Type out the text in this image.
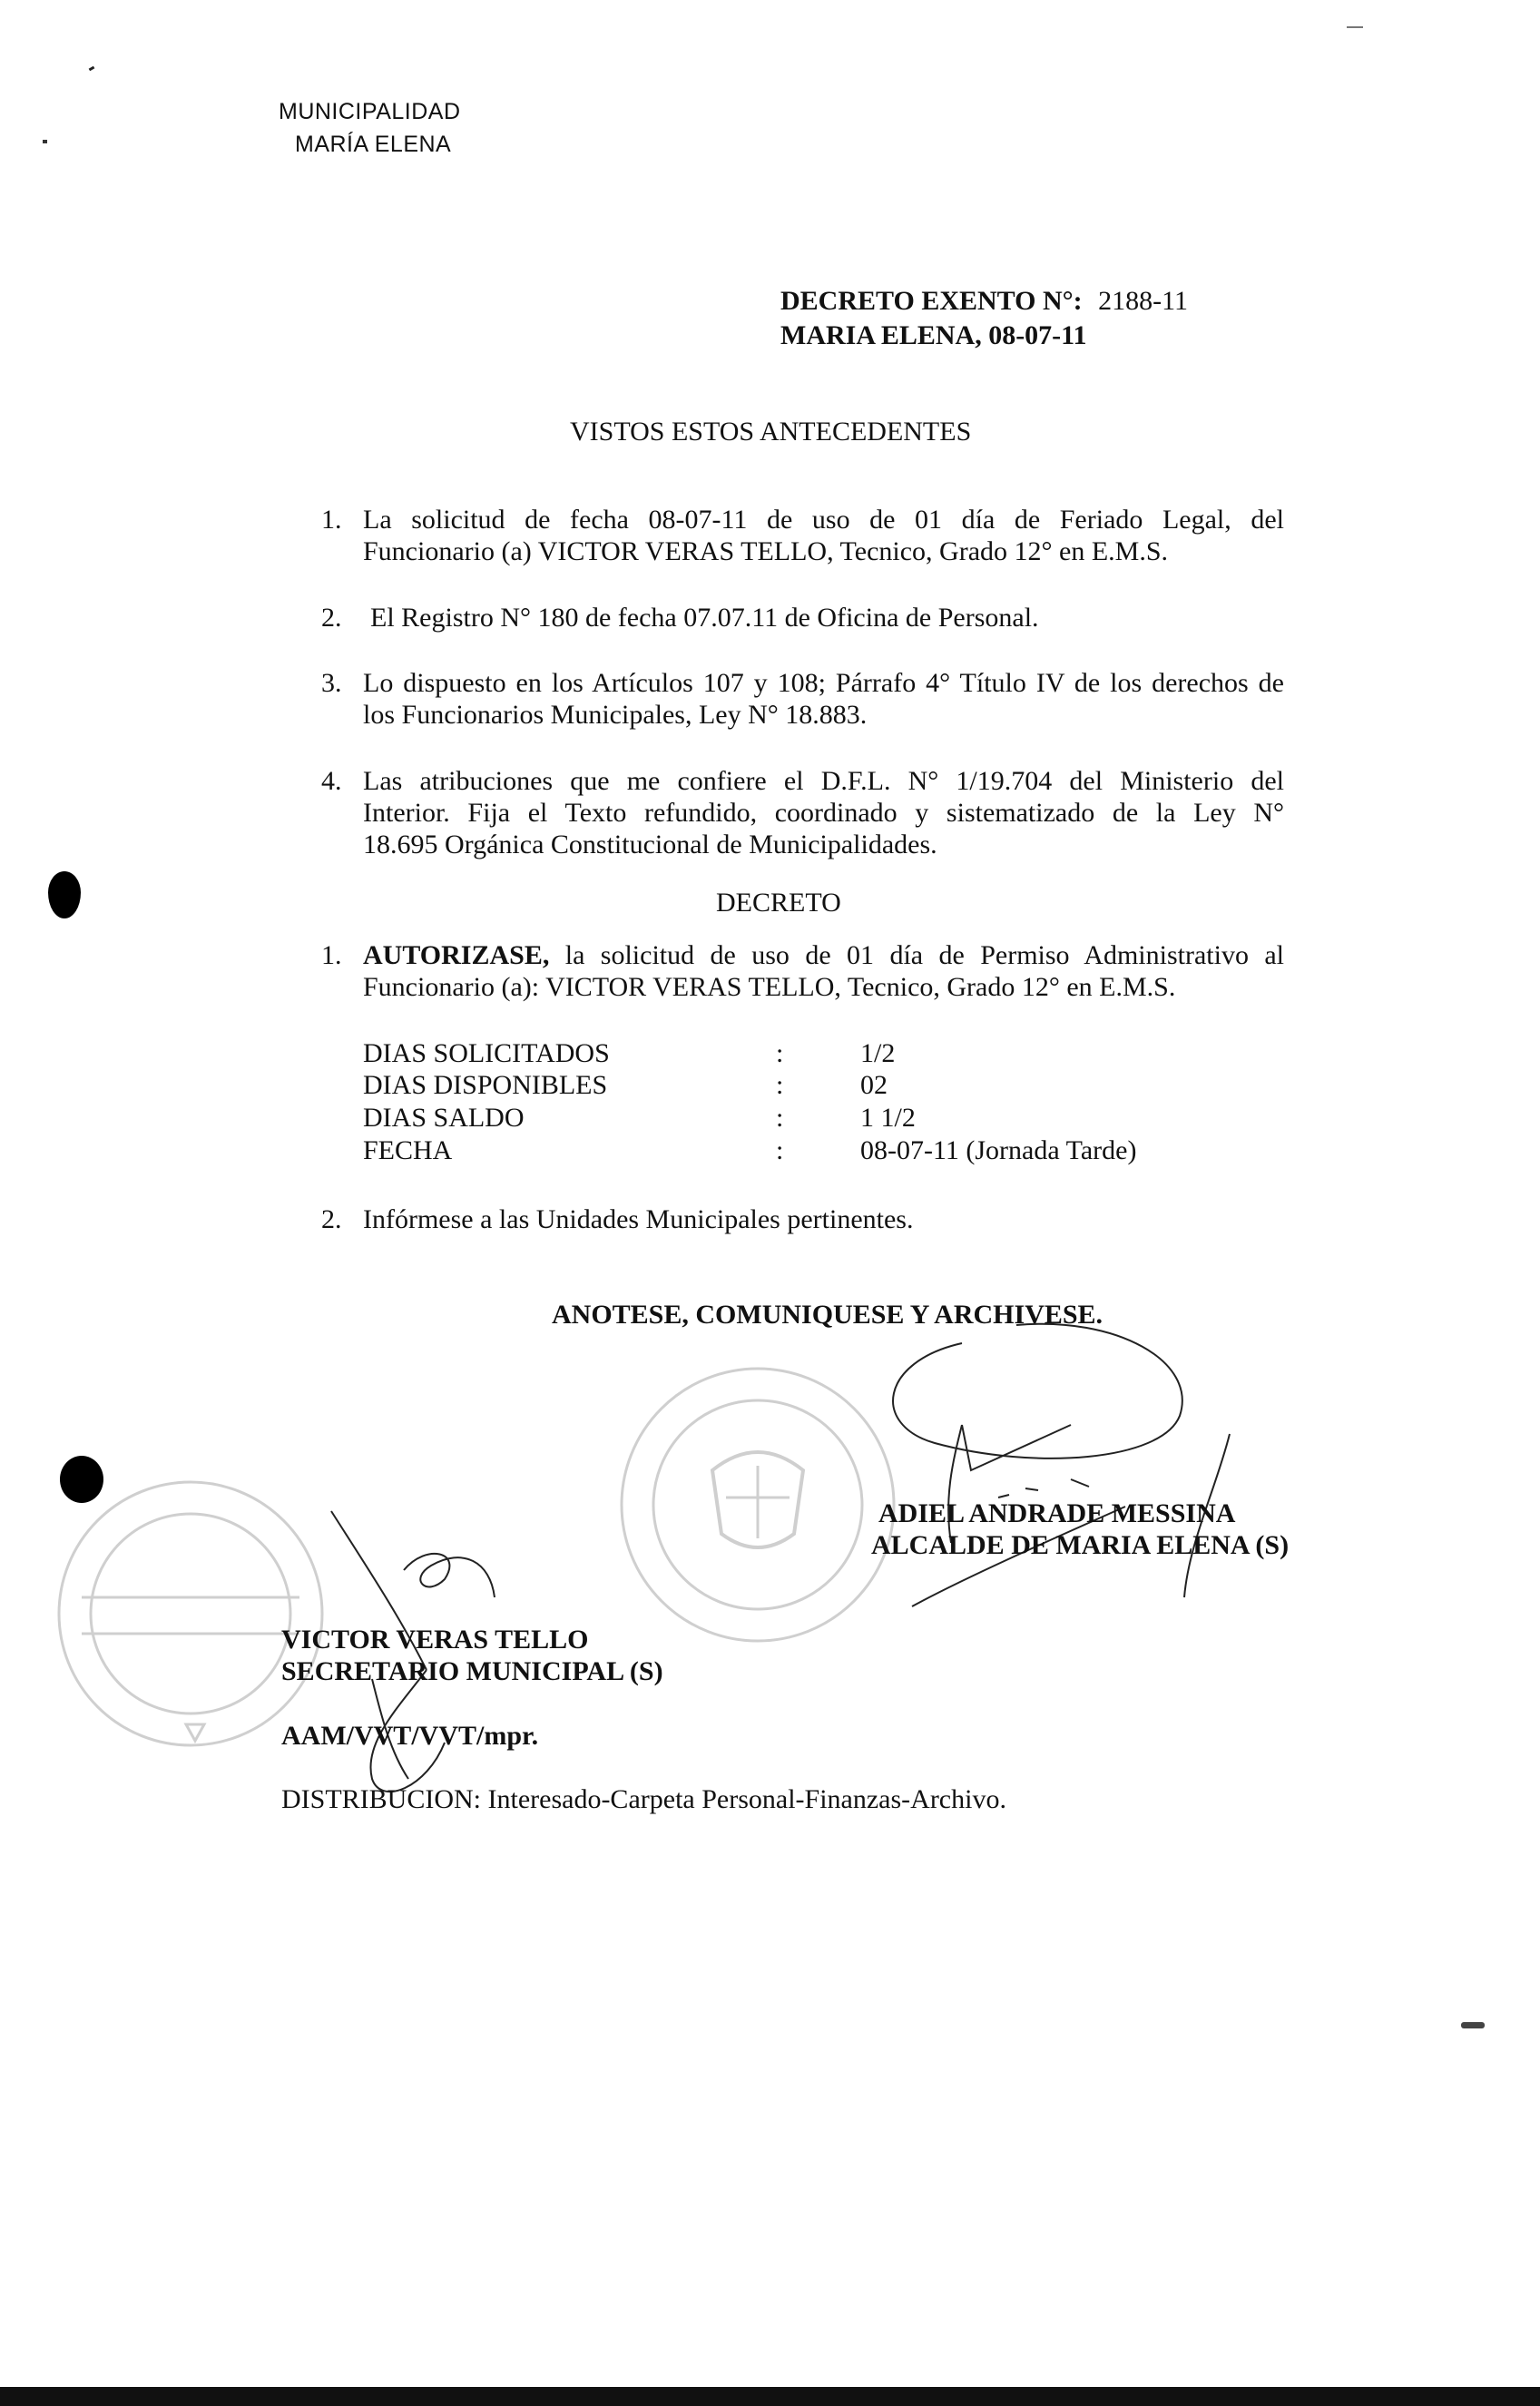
MUNICIPALIDAD
MARÍA ELENA
DECRETO EXENTO N°: 2188-11
MARIA ELENA, 08-07-11
VISTOS ESTOS ANTECEDENTES
1. La solicitud de fecha 08-07-11 de uso de 01 día de Feriado Legal, del
Funcionario (a) VICTOR VERAS TELLO, Tecnico, Grado 12° en E.M.S.
2. El Registro N° 180 de fecha 07.07.11 de Oficina de Personal.
3. Lo dispuesto en los Artículos 107 y 108; Párrafo 4° Título IV de los derechos de
los Funcionarios Municipales, Ley N° 18.883.
4. Las atribuciones que me confiere el D.F.L. N° 1/19.704 del Ministerio del
Interior. Fija el Texto refundido, coordinado y sistematizado de la Ley N°
18.695 Orgánica Constitucional de Municipalidades.
DECRETO
1. AUTORIZASE, la solicitud de uso de 01 día de Permiso Administrativo al
Funcionario (a): VICTOR VERAS TELLO, Tecnico, Grado 12° en E.M.S.
DIAS SOLICITADOS	:	1/2
DIAS DISPONIBLES	:	02
DIAS SALDO	:	1 1/2
FECHA	:	08-07-11 (Jornada Tarde)
2. Infórmese a las Unidades Municipales pertinentes.
ANOTESE, COMUNIQUESE Y ARCHIVESE.
ADIEL ANDRADE MESSINA
ALCALDE DE MARIA ELENA (S)
VICTOR VERAS TELLO
SECRETARIO MUNICIPAL (S)
AAM/VVT/VVT/mpr.
DISTRIBUCION: Interesado-Carpeta Personal-Finanzas-Archivo.
